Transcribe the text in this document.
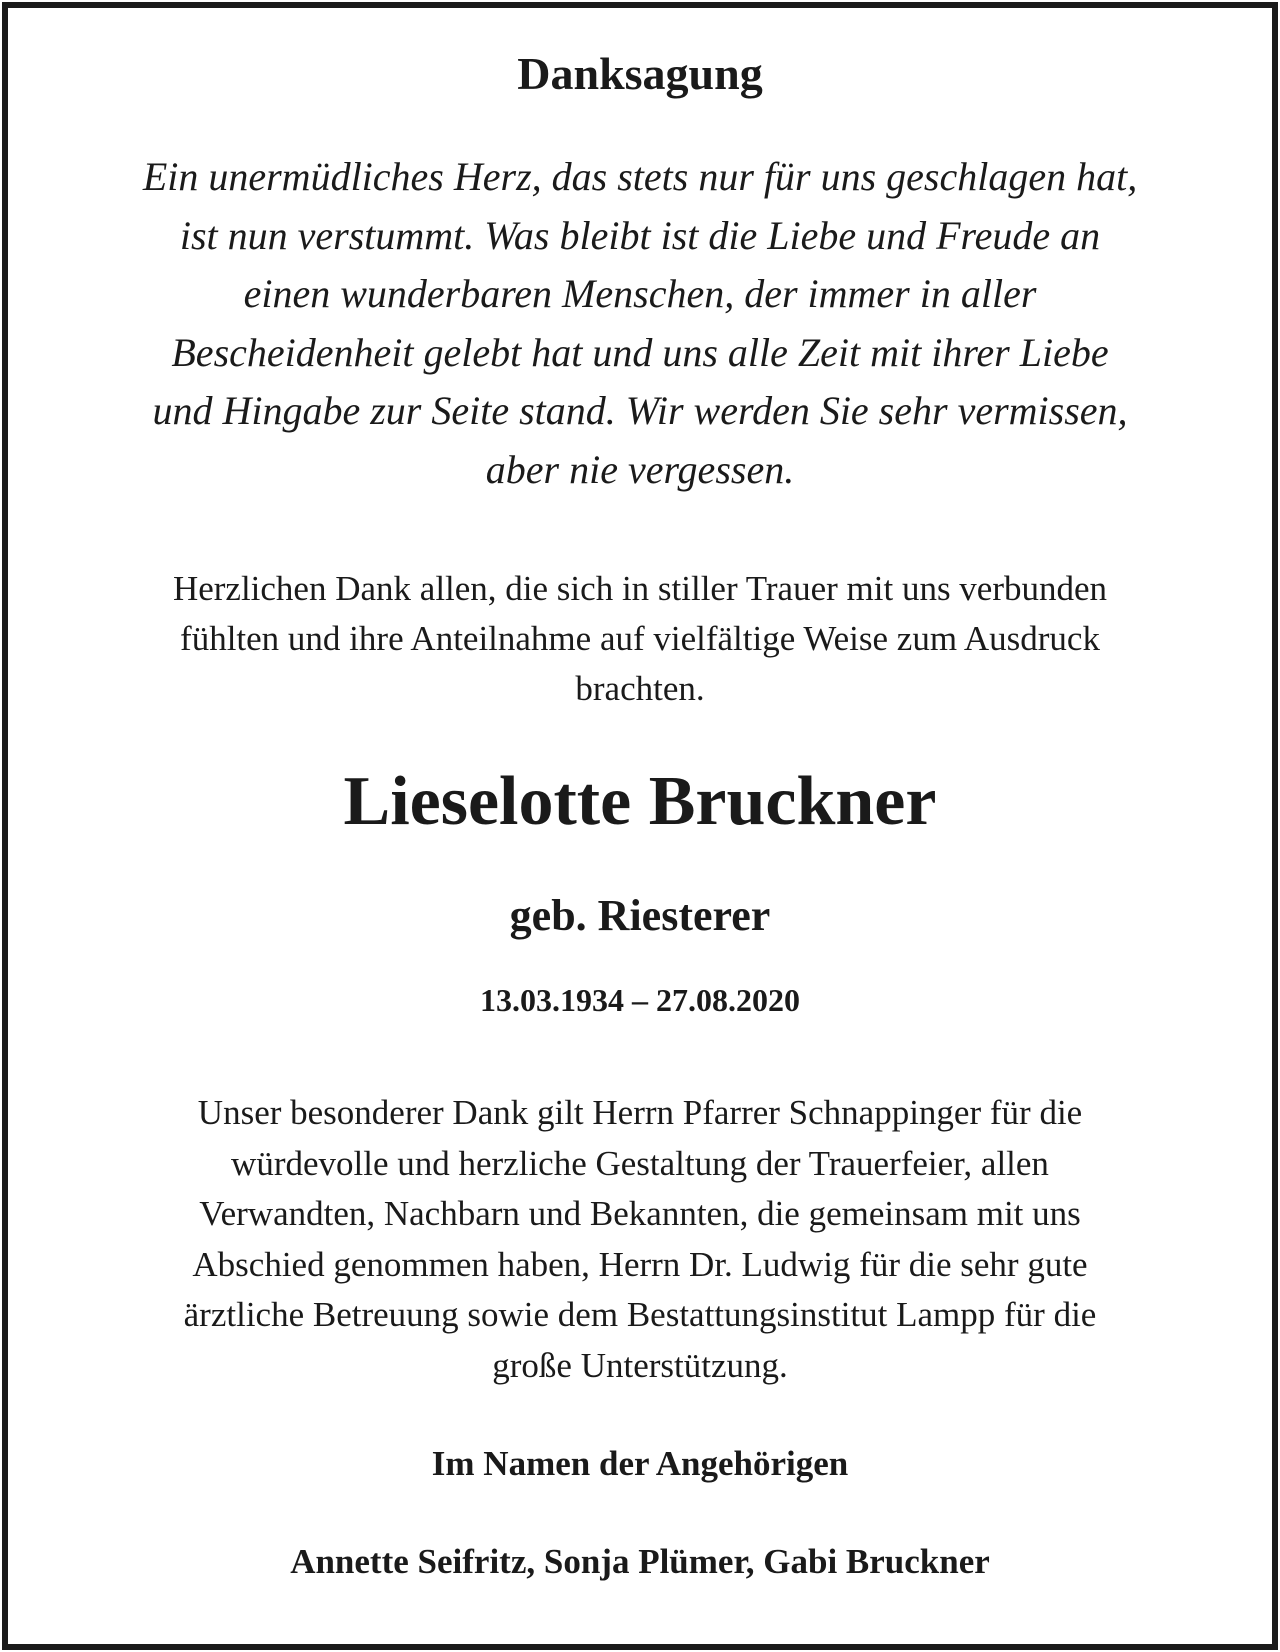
Danksagung

Ein unermüdliches Herz, das stets nur für uns geschlagen hat,
ist nun verstummt. Was bleibt ist die Liebe und Freude an
einen wunderbaren Menschen, der immer in aller
Bescheidenheit gelebt hat und uns alle Zeit mit ihrer Liebe
und Hingabe zur Seite stand. Wir werden Sie sehr vermissen,
aber nie vergessen.

Herzlichen Dank allen, die sich in stiller Trauer mit uns verbunden
fühlten und ihre Anteilnahme auf vielfältige Weise zum Ausdruck
brachten.

Lieselotte Bruckner

geb. Riesterer

13.03.1934 – 27.08.2020

Unser besonderer Dank gilt Herrn Pfarrer Schnappinger für die
würdevolle und herzliche Gestaltung der Trauerfeier, allen
Verwandten, Nachbarn und Bekannten, die gemeinsam mit uns
Abschied genommen haben, Herrn Dr. Ludwig für die sehr gute
ärztliche Betreuung sowie dem Bestattungsinstitut Lampp für die
große Unterstützung.

Im Namen der Angehörigen

Annette Seifritz, Sonja Plümer, Gabi Bruckner
